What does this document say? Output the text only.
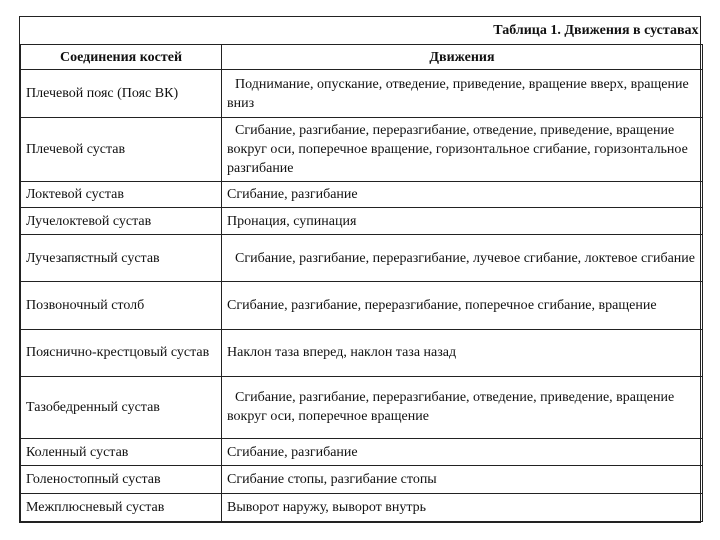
Таблица 1. Движения в суставах	
Соединения костей	Движения
Плечевой пояс (Пояс ВК)	Поднимание, опускание, отведение, приведение, вращение вверх, вращение вниз
Плечевой сустав	Сгибание, разгибание, переразгибание, отведение, приведение, вращение вокруг оси, поперечное вращение, горизонтальное сгибание, горизонтальное разгибание
Локтевой сустав	Сгибание, разгибание
Лучелоктевой сустав	Пронация, супинация
Лучезапястный сустав	Сгибание, разгибание, переразгибание, лучевое сгибание, локтевое сгибание
Позвоночный столб	Сгибание, разгибание, переразгибание, поперечное сгибание, вращение
Пояснично-крестцовый сустав	Наклон таза вперед, наклон таза назад
Тазобедренный сустав	Сгибание, разгибание, переразгибание, отведение, приведение, вращение вокруг оси, поперечное вращение
Коленный сустав	Сгибание, разгибание
Голеностопный сустав	Сгибание стопы, разгибание стопы
Межплюсневый сустав	Выворот наружу, выворот внутрь
